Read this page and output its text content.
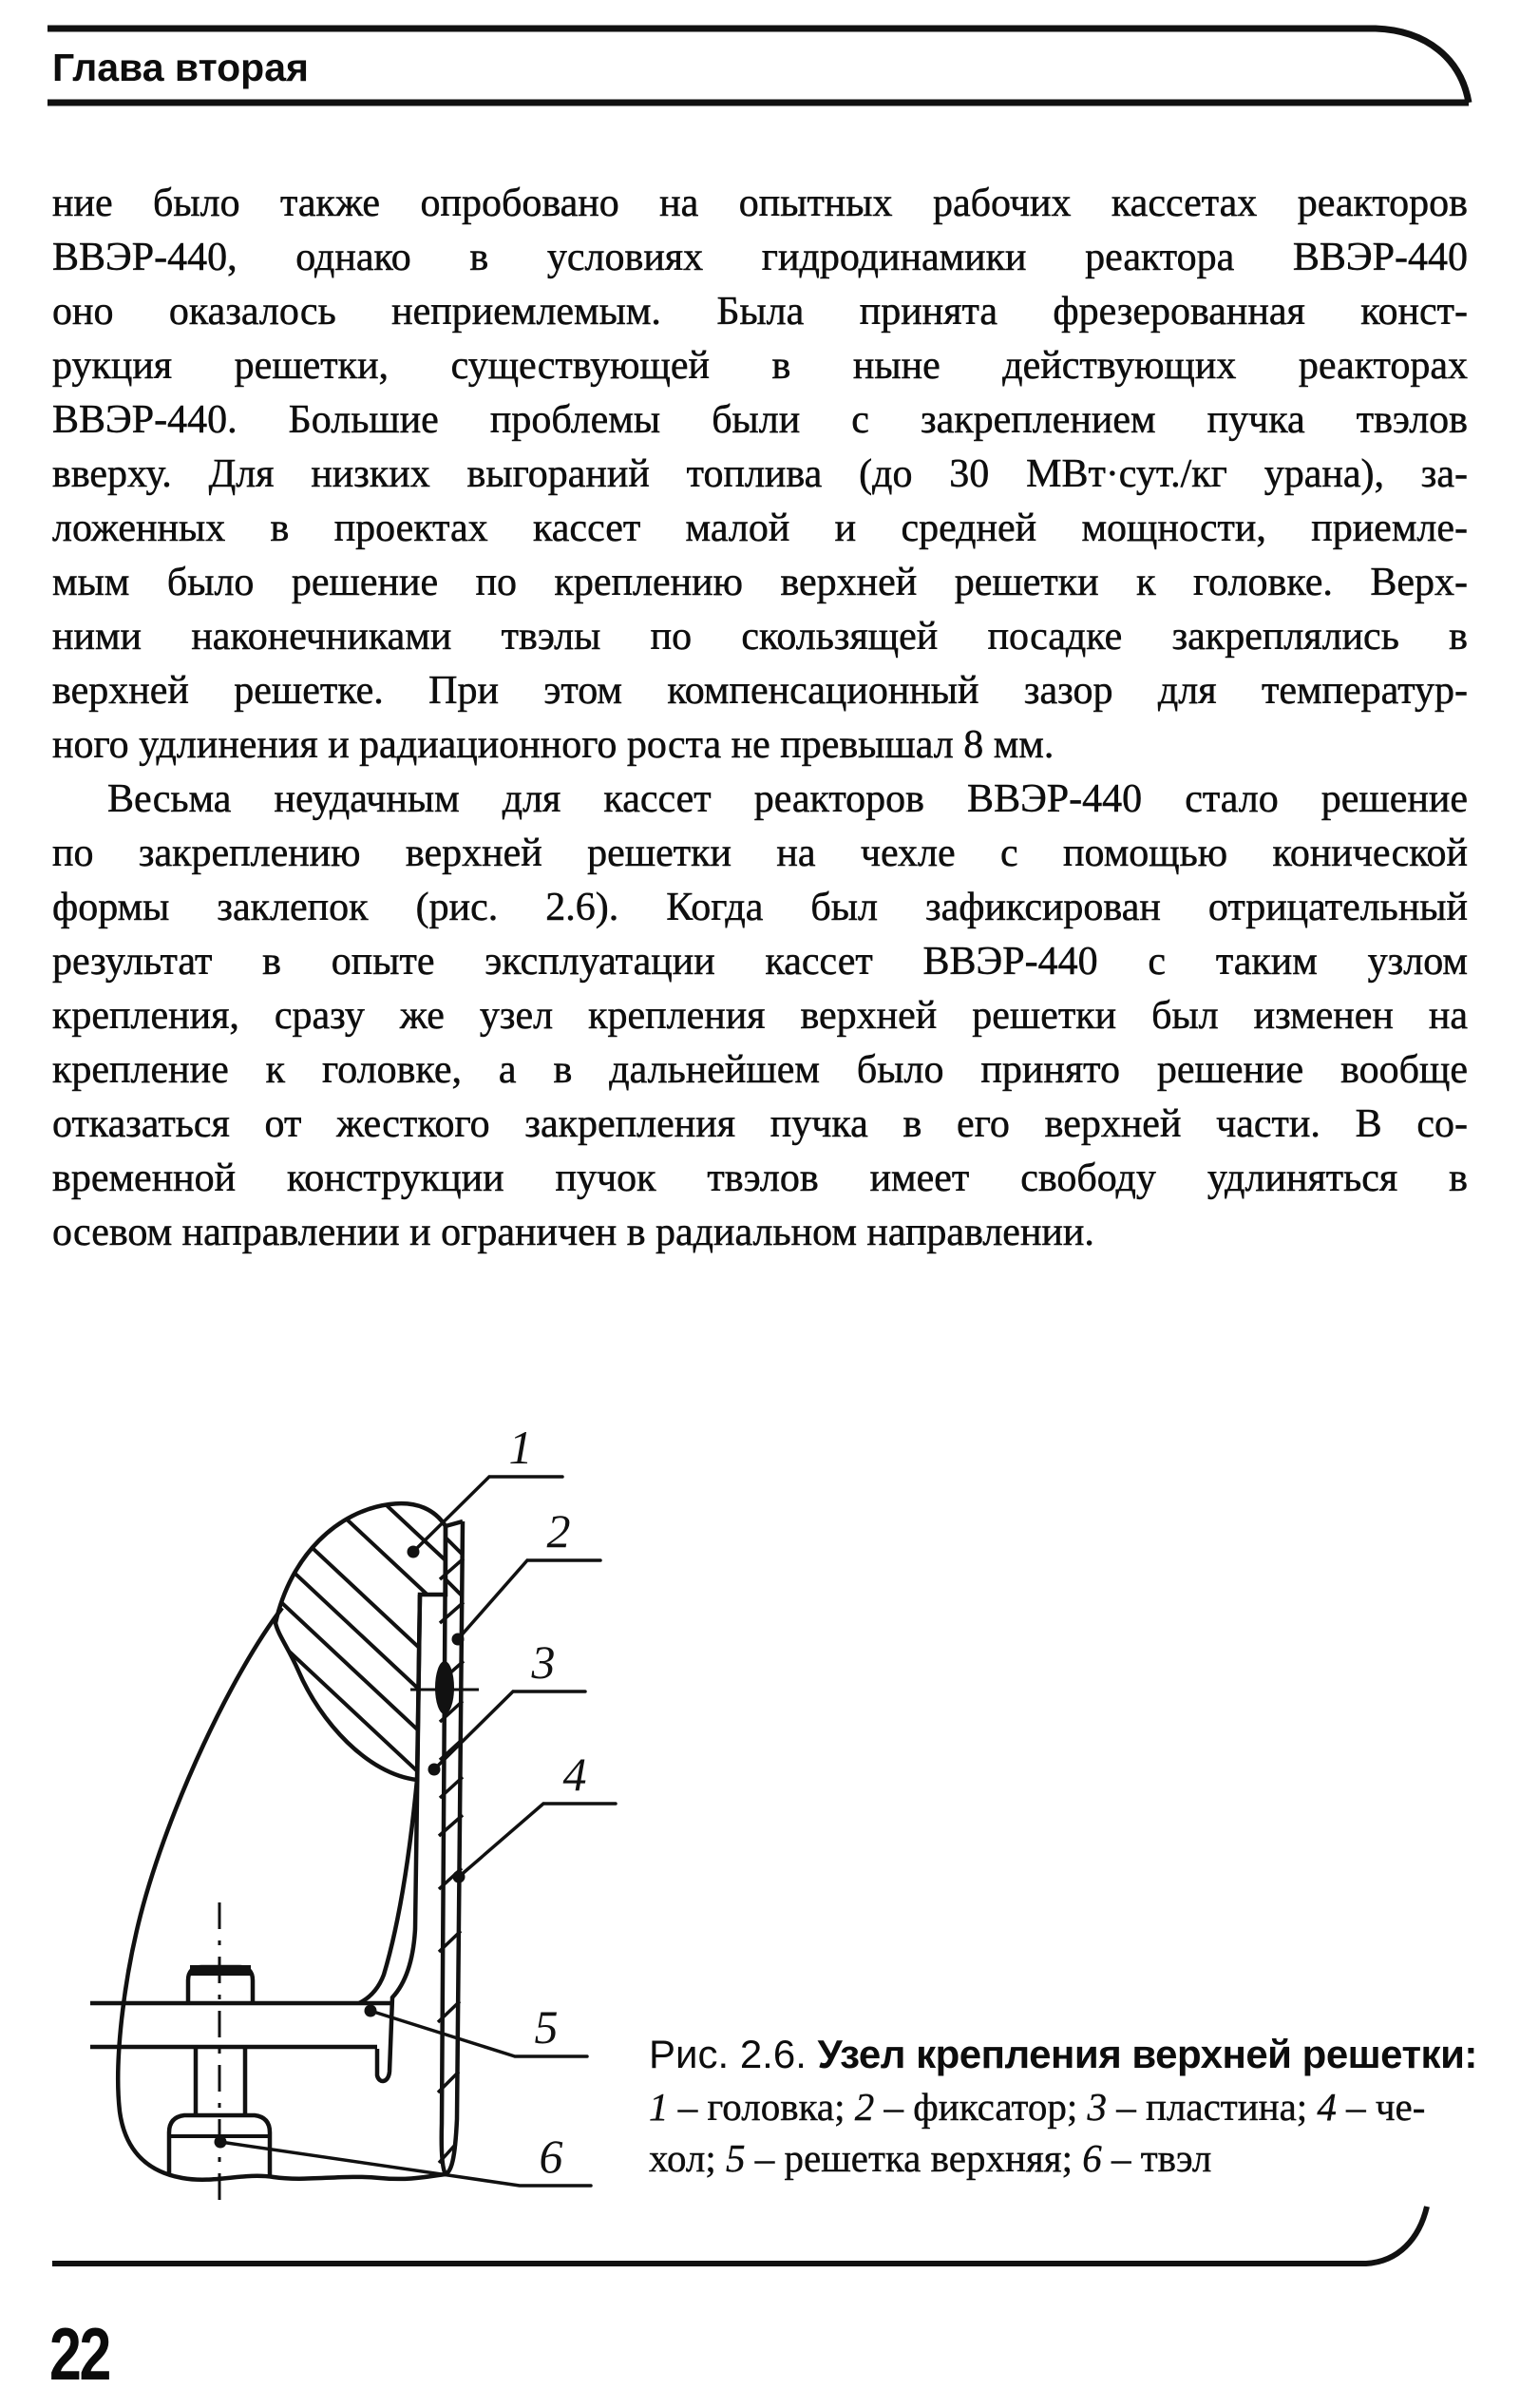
Глава вторая
ние было также опробовано на опытных рабочих кассетах реакторов
ВВЭР-440, однако в условиях гидродинамики реактора ВВЭР-440
оно оказалось неприемлемым. Была принята фрезерованная конст-
рукция решетки, существующей в ныне действующих реакторах
ВВЭР-440. Большие проблемы были с закреплением пучка твэлов
вверху. Для низких выгораний топлива (до 30 МВт·сут./кг урана), за-
ложенных в проектах кассет малой и средней мощности, приемле-
мым было решение по креплению верхней решетки к головке. Верх-
ними наконечниками твэлы по скользящей посадке закреплялись в
верхней решетке. При этом компенсационный зазор для температур-
ного удлинения и радиационного роста не превышал 8 мм.
Весьма неудачным для кассет реакторов ВВЭР-440 стало решение
по закреплению верхней решетки на чехле с помощью конической
формы заклепок (рис. 2.6). Когда был зафиксирован отрицательный
результат в опыте эксплуатации кассет ВВЭР-440 с таким узлом
крепления, сразу же узел крепления верхней решетки был изменен на
крепление к головке, а в дальнейшем было принято решение вообще
отказаться от жесткого закрепления пучка в его верхней части. В со-
временной конструкции пучок твэлов имеет свободу удлиняться в
осевом направлении и ограничен в радиальном направлении.
1
2
3
4
5
6
Рис. 2.6. Узел крепления верхней решетки:
1 – головка; 2 – фиксатор; 3 – пластина; 4 – че-
хол; 5 – решетка верхняя; 6 – твэл
22
